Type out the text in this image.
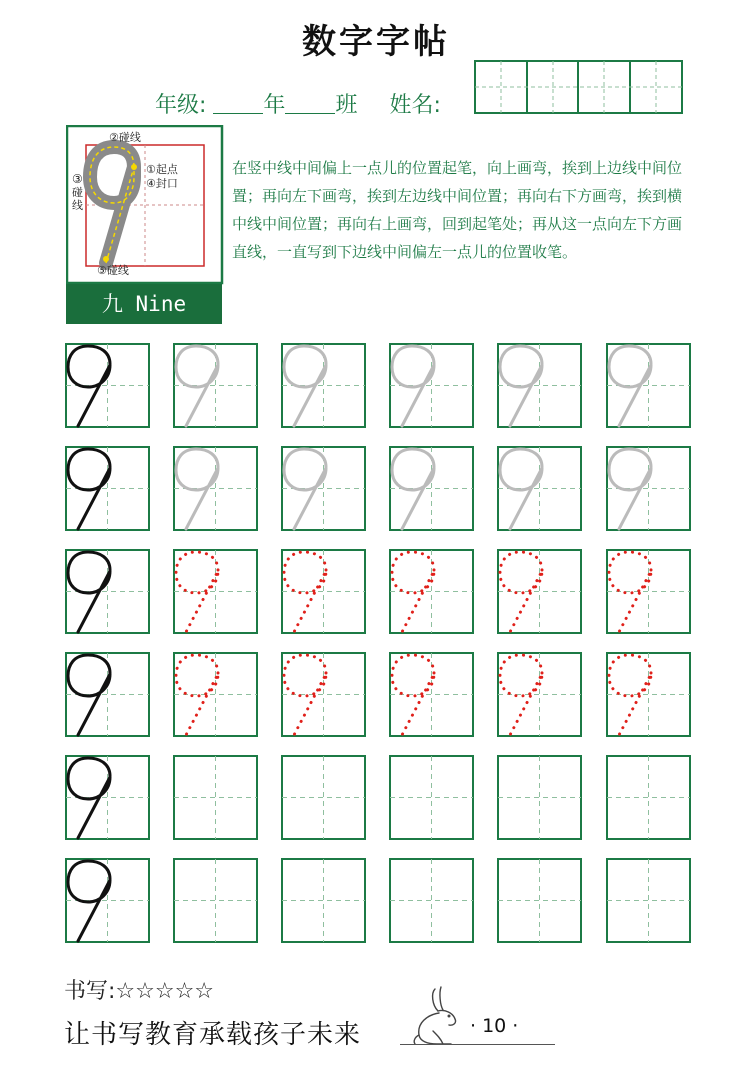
数字字帖
年级:	年 班 姓名:
②碰线
①起点
④封口
③
碰线
⑤碰线
九 Nine
在竖中线中间偏上一点儿的位置起笔，向上画弯，挨到上边线中间位置；再向左下画弯，挨到左边线中间位置；再向右下方画弯，挨到横中线中间位置；再向右上画弯，回到起笔处；再从这一点向左下方画直线，一直写到下边线中间偏左一点儿的位置收笔。
书写:☆☆☆☆☆
让书写教育承载孩子未来	· 10 ·
